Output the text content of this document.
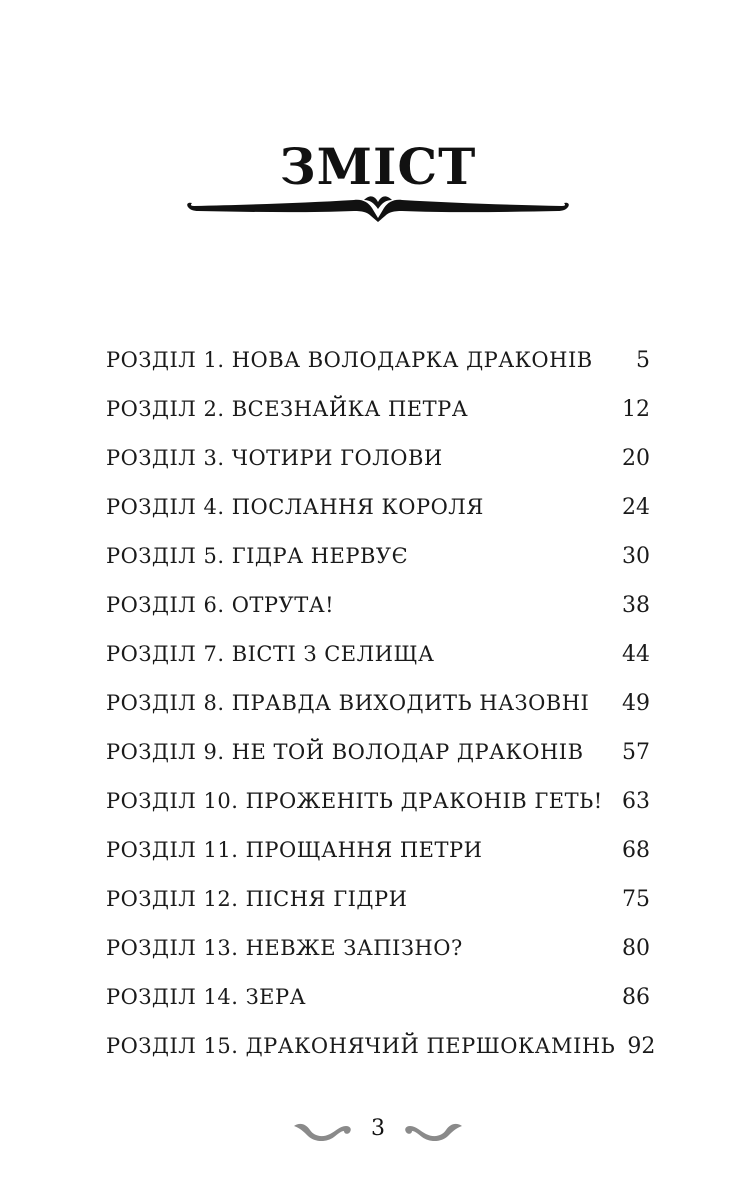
ЗМІСТ
РОЗДІЛ 1. НОВА ВОЛОДАРКА ДРАКОНІВ	5
РОЗДІЛ 2. ВСЕЗНАЙКА ПЕТРА	12
РОЗДІЛ 3. ЧОТИРИ ГОЛОВИ	20
РОЗДІЛ 4. ПОСЛАННЯ КОРОЛЯ	24
РОЗДІЛ 5. ГІДРА НЕРВУЄ	30
РОЗДІЛ 6. ОТРУТА!	38
РОЗДІЛ 7. ВІСТІ З СЕЛИЩА	44
РОЗДІЛ 8. ПРАВДА ВИХОДИТЬ НАЗОВНІ	49
РОЗДІЛ 9. НЕ ТОЙ ВОЛОДАР ДРАКОНІВ	57
РОЗДІЛ 10. ПРОЖЕНІТЬ ДРАКОНІВ ГЕТЬ! 63
РОЗДІЛ 11. ПРОЩАННЯ ПЕТРИ	68
РОЗДІЛ 12. ПІСНЯ ГІДРИ	75
РОЗДІЛ 13. НЕВЖЕ ЗАПІЗНО?	80
РОЗДІЛ 14. ЗЕРА	86
РОЗДІЛ 15. ДРАКОНЯЧИЙ ПЕРШОКАМІНЬ 92
3
